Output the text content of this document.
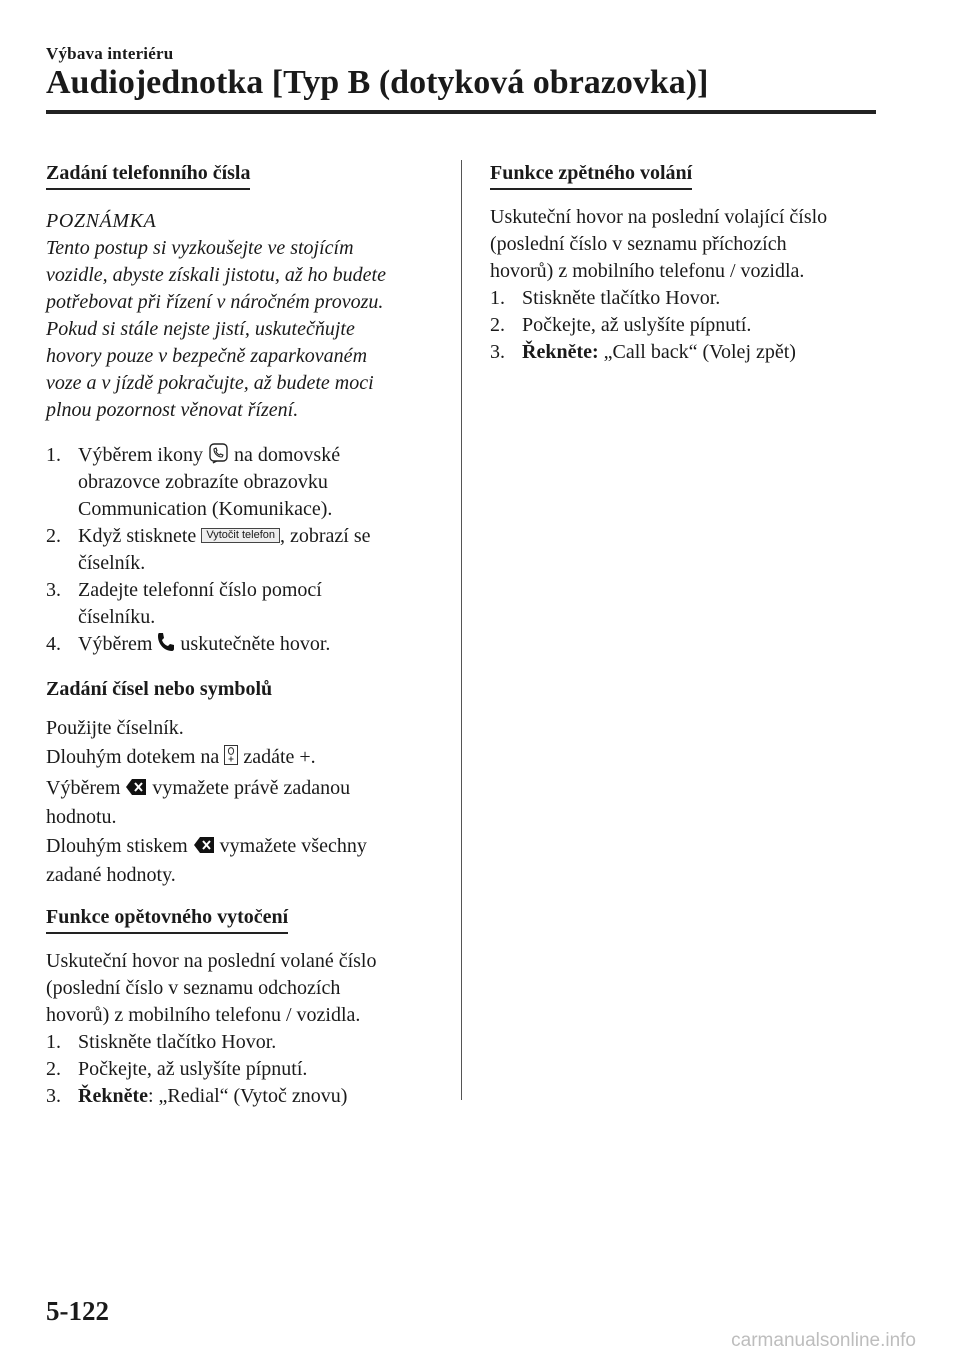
Výbava interiéru
Audiojednotka [Typ B (dotyková obrazovka)]
Zadání telefonního čísla

POZNÁMKA

Tento postup si vyzkoušejte ve stojícím

vozidle, abyste získali jistotu, až ho budete

potřebovat při řízení v náročném provozu.

Pokud si stále nejste jistí, uskutečňujte

hovory pouze v bezpečně zaparkovaném

voze a v jízdě pokračujte, až budete moci

plnou pozornost věnovat řízení.

1. Výběrem ikony na domovské
obrazovce zobrazíte obrazovku
Communication (Komunikace).
2. Když stisknete Vytočit telefon , zobrazí se
číselník.
3. Zadejte telefonní číslo pomocí
číselníku.
4. Výběrem uskutečněte hovor.
Zadání čísel nebo symbolů

Použijte číselník.

Dlouhým dotekem na zadáte +.

Výběrem vymažete právě zadanou

hodnotu.

Dlouhým stiskem vymažete všechny

zadané hodnoty.

Funkce opětovného vytočení

Uskuteční hovor na poslední volané číslo

(poslední číslo v seznamu odchozích

hovorů) z mobilního telefonu / vozidla.

1. Stiskněte tlačítko Hovor.
2. Počkejte, až uslyšíte pípnutí.
3. Řekněte: „Redial“ (Vytoč znovu)
Funkce zpětného volání

Uskuteční hovor na poslední volající číslo

(poslední číslo v seznamu příchozích

hovorů) z mobilního telefonu / vozidla.

1. Stiskněte tlačítko Hovor.
2. Počkejte, až uslyšíte pípnutí.
3. Řekněte: „Call back“ (Volej zpět)
5-122
carmanualsonline.info
